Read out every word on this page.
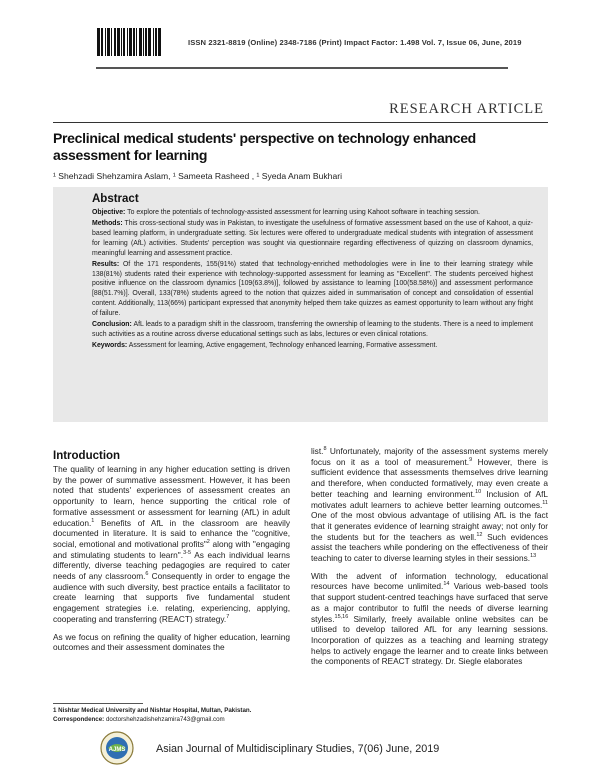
ISSN 2321-8819 (Online) 2348-7186 (Print) Impact Factor: 1.498 Vol. 7, Issue 06, June, 2019
RESEARCH ARTICLE
Preclinical medical students' perspective on technology enhanced assessment for learning
¹ Shehzadi Shehzamira Aslam, ¹ Sameeta Rasheed , ¹ Syeda Anam Bukhari
Abstract

Objective: To explore the potentials of technology-assisted assessment for learning using Kahoot software in teaching session.

Methods: This cross-sectional study was in Pakistan, to investigate the usefulness of formative assessment based on the use of Kahoot, a quiz-based learning platform, in undergraduate setting. Six lectures were offered to undergraduate medical students with integration of assessment for learning (AfL) activities. Students' perception was sought via questionnaire regarding effectiveness of quizzing on classroom dynamics, meaningful learning and assessment practice.

Results: Of the 171 respondents, 155(91%) stated that technology-enriched methodologies were in line to their learning strategy while 138(81%) students rated their experience with technology-supported assessment for learning as "Excellent". The students perceived highest positive influence on the classroom dynamics [109(63.8%)], followed by assistance to learning [100(58.58%)] and assessment performance [88(51.7%)]. Overall, 133(78%) students agreed to the notion that quizzes aided in summarisation of concept and consolidation of essential content. Additionally, 113(66%) participant expressed that anonymity helped them take quizzes as earnest opportunity to learn without any fright of failure.

Conclusion: AfL leads to a paradigm shift in the classroom, transferring the ownership of learning to the students. There is a need to implement such activities as a routine across diverse educational settings such as labs, lectures or even clinical rotations.

Keywords: Assessment for learning, Active engagement, Technology enhanced learning, Formative assessment.

The quality of learning in any higher education setting is driven by the power of summative assessment. However, it has been noted that students' experiences of assessment creates an opportunity to learn, hence supporting the critical role of formative assessment or assessment for learning (AfL) in adult education.$^1$ Benefits of AfL in the classroom are heavily documented in literature. It is said to enhance the "cognitive, social, emotional and motivational profits"$^2$ along with "engaging and stimulating students to learn".$^{3-5}$ As each individual learns differently, diverse teaching pedagogies are required to cater needs of any classroom.$^6$ Consequently in order to engage the audience with such diversity, best practice entails a facilitator to create learning that supports five fundamental student engagement strategies i.e. relating, experiencing, applying, cooperating and transferring (REACT) strategy.$^7$

As we focus on refining the quality of higher education, learning outcomes and their assessment dominates the

Introduction	list.$^8$ Unfortunately, majority of the assessment systems merely focus on it as a tool of measurement.$^9$ However, there is sufficient evidence that assessments themselves drive learning and therefore, when conducted formatively, may even create a better teaching and learning environment.$^{10}$ Inclusion of AfL motivates adult learners to achieve better learning outcomes.$^{11}$ One of the most obvious advantage of utilising AfL is the fact that it generates evidence of learning straight away; not only for the students but for the teachers as well.$^{12}$ Such evidences assist the teachers while pondering on the effectiveness of their teaching to cater to diverse learning styles in their sessions.$^{13}$

With the advent of information technology, educational resources have become unlimited.$^{14}$ Various web-based tools that support student-centred teachings have surfaced that serve as a major contributor to fulfil the needs of diverse learning styles.$^{15,16}$ Similarly, freely available online websites can be utilised to develop tailored AfL for any learning sessions. Incorporation of quizzes as a teaching and learning strategy helps to actively engage the learner and to create links between the components of REACT strategy. Dr. Siegle elaborates

1 Nishtar Medical University and Nishtar Hospital, Multan, Pakistan.
Correspondence: doctorshehzadishehzamira743@gmail.com
AJMS	Asian Journal of Multidisciplinary Studies, 7(06) June, 2019
